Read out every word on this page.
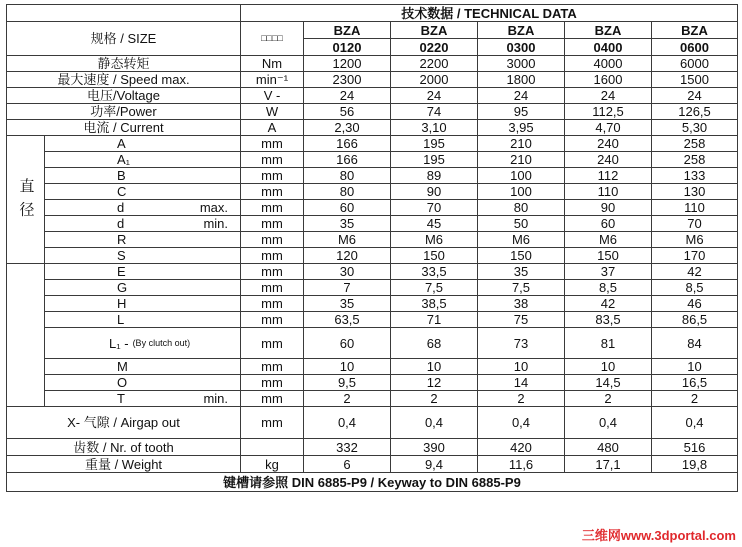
		技术数据 / TECHNICAL DATA					
规格 / SIZE		□□□□	BZA	BZA	BZA	BZA	BZA
			0120	0220	0300	0400	0600
静态转矩		Nm	1200	2200	3000	4000	6000
最大速度 / Speed max.		min⁻¹	2300	2000	1800	1600	1500
电压/Voltage		V -	24	24	24	24	24
功率/Power		W	56	74	95	112,5	126,5
电流 / Current		A	2,30	3,10	3,95	4,70	5,30
直 径	A	mm	166	195	210	240	258

	A₁	mm	166	195	210	240	258

	B	mm	80	89	100	112	133

	C	mm	80	90	100	110	130

	d max.	mm	60	70	80	90	110

	d min.	mm	35	45	50	60	70

	R	mm	M6	M6	M6	M6	M6

	S	mm	120	150	150	150	170

	E	mm	30	33,5	35	37	42

	G	mm	7	7,5	7,5	8,5	8,5

	H	mm	35	38,5	38	42	46

	L	mm	63,5	71	75	83,5	86,5

	L₁ - (By clutch out)	mm	60	68	73	81	84

	M	mm	10	10	10	10	10

	O	mm	9,5	12	14	14,5	16,5

	T min.	mm	2	2	2	2	2
X- 气隙 / Airgap out		mm	0,4	0,4	0,4	0,4	0,4
齿数 / Nr. of tooth			332	390	420	480	516
重量 / Weight		kg	6	9,4	11,6	17,1	19,8
键槽请参照 DIN 6885-P9 / Keyway to DIN 6885-P9							
三维网www.3dportal.com
